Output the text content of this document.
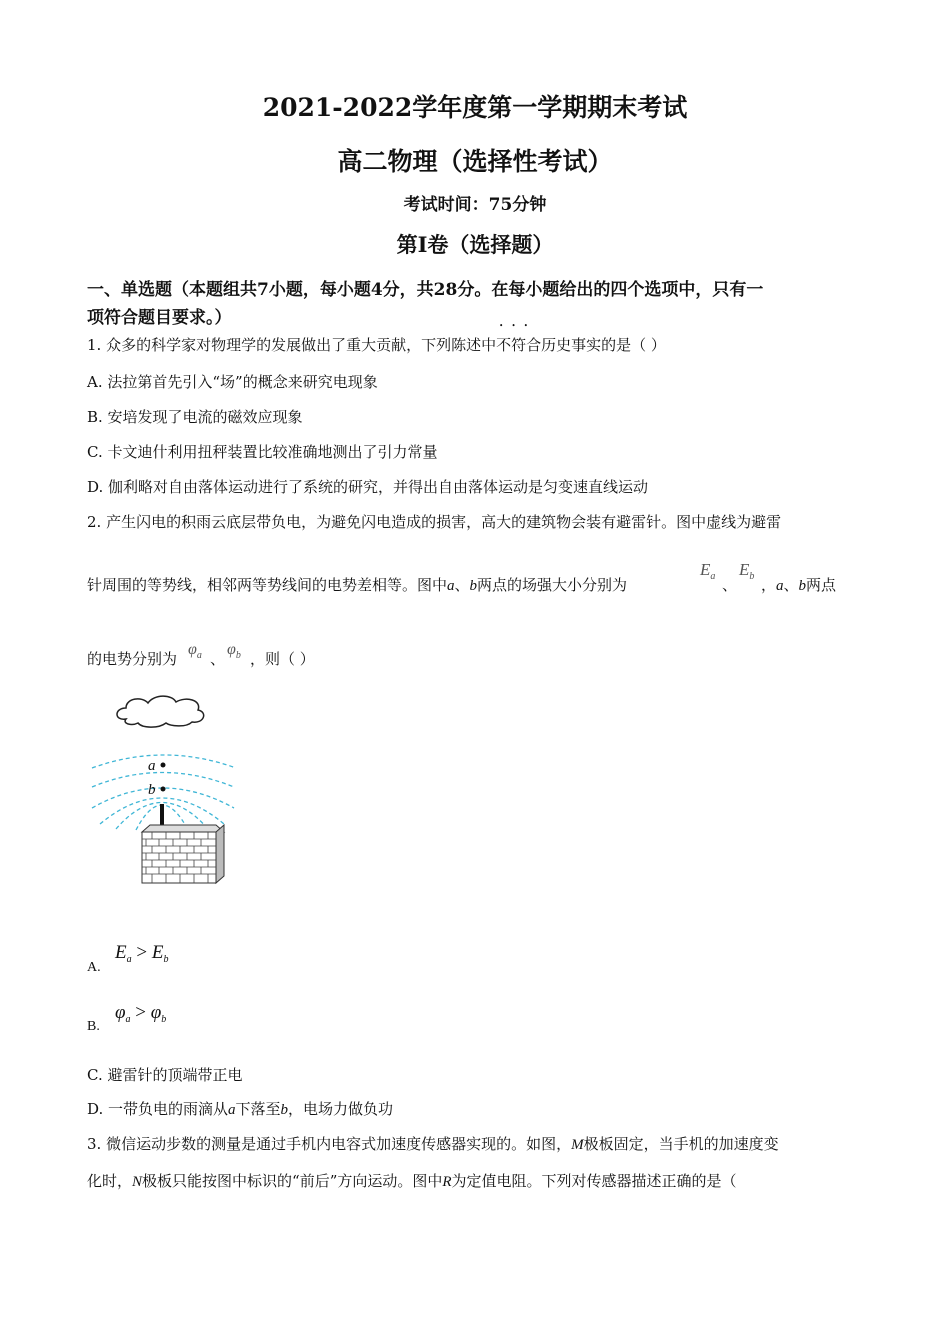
2021-2022学年度第一学期期末考试
高二物理（选择性考试）
考试时间：75分钟
第Ⅰ卷（选择题）
一、单选题（本题组共7小题，每小题4分，共28分。在每小题给出的四个选项中，只有一
项符合题目要求。）
1. 众多的科学家对物理学的发展做出了重大贡献，下列陈述中• • • 不符合历史事实的是（ ）
A. 法拉第首先引入“场”的概念来研究电现象
B. 安培发现了电流的磁效应现象
C. 卡文迪什利用扭秤装置比较准确地测出了引力常量
D. 伽利略对自由落体运动进行了系统的研究，并得出自由落体运动是匀变速直线运动
2. 产生闪电的积雨云底层带负电，为避免闪电造成的损害，高大的建筑物会装有避雷针。图中虚线为避雷
针周围的等势线，相邻两等势线间的电势差相等。图中a、b两点的场强大小分别为
$E_a$ 、
$E_b$ ，a、b两点
的电势分别为
$\varphi_a$ 、
$\varphi_b$ ，则（ ）
a
b
A.
$E_a > E_b$
B.
$\varphi_a > \varphi_b$
C. 避雷针的顶端带正电
D. 一带负电的雨滴从a下落至b，电场力做负功
3. 微信运动步数的测量是通过手机内电容式加速度传感器实现的。如图，M极板固定，当手机的加速度变
化时，N极板只能按图中标识的“前后”方向运动。图中R为定值电阻。下列对传感器描述正确的是（
